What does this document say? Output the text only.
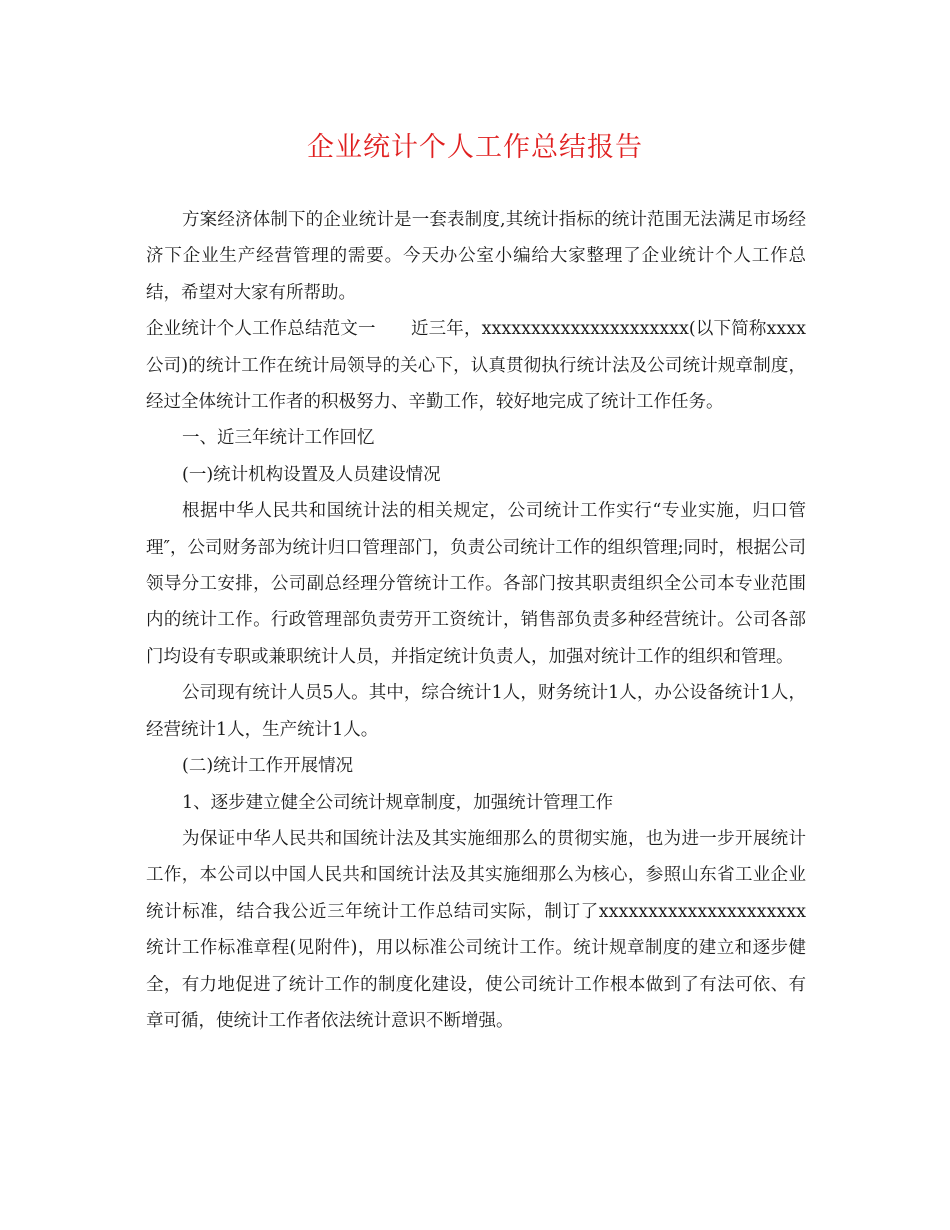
企业统计个人工作总结报告

方案经济体制下的企业统计是一套表制度,其统计指标的统计范围无法满足市场经济下企业生产经营管理的需要。今天办公室小编给大家整理了企业统计个人工作总结，希望对大家有所帮助。

企业统计个人工作总结范文一　　近三年，xxxxxxxxxxxxxxxxxxxxx(以下简称xxxx公司)的统计工作在统计局领导的关心下，认真贯彻执行统计法及公司统计规章制度，经过全体统计工作者的积极努力、辛勤工作，较好地完成了统计工作任务。

一、近三年统计工作回忆

(一)统计机构设置及人员建设情况

根据中华人民共和国统计法的相关规定，公司统计工作实行“专业实施，归口管理″，公司财务部为统计归口管理部门，负责公司统计工作的组织管理;同时，根据公司领导分工安排，公司副总经理分管统计工作。各部门按其职责组织全公司本专业范围内的统计工作。行政管理部负责劳开工资统计，销售部负责多种经营统计。公司各部门均设有专职或兼职统计人员，并指定统计负责人，加强对统计工作的组织和管理。

公司现有统计人员5人。其中，综合统计1人，财务统计1人，办公设备统计1人，经营统计1人，生产统计1人。

(二)统计工作开展情况

1、逐步建立健全公司统计规章制度，加强统计管理工作

为保证中华人民共和国统计法及其实施细那么的贯彻实施，也为进一步开展统计工作，本公司以中国人民共和国统计法及其实施细那么为核心，参照山东省工业企业统计标准，结合我公近三年统计工作总结司实际，制订了xxxxxxxxxxxxxxxxxxxxx统计工作标准章程(见附件)，用以标准公司统计工作。统计规章制度的建立和逐步健全，有力地促进了统计工作的制度化建设，使公司统计工作根本做到了有法可依、有章可循，使统计工作者依法统计意识不断增强。
